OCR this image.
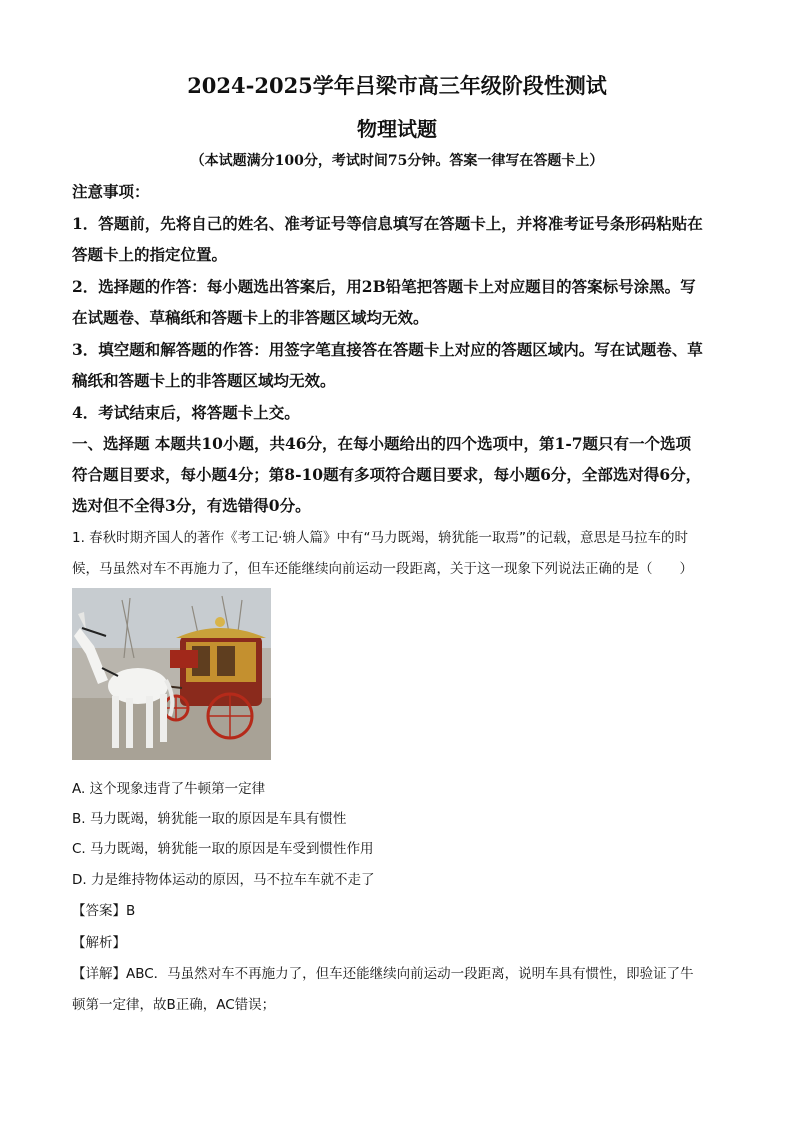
2024-2025学年吕梁市高三年级阶段性测试
物理试题
（本试题满分100分，考试时间75分钟。答案一律写在答题卡上）
注意事项：
1．答题前，先将自己的姓名、准考证号等信息填写在答题卡上，并将准考证号条形码粘贴在
答题卡上的指定位置。
2．选择题的作答：每小题选出答案后，用2B铅笔把答题卡上对应题目的答案标号涂黑。写
在试题卷、草稿纸和答题卡上的非答题区域均无效。
3．填空题和解答题的作答：用签字笔直接答在答题卡上对应的答题区域内。写在试题卷、草
稿纸和答题卡上的非答题区域均无效。
4．考试结束后，将答题卡上交。
一、选择题 本题共10小题，共46分，在每小题给出的四个选项中，第1-7题只有一个选项
符合题目要求，每小题4分；第8-10题有多项符合题目要求，每小题6分，全部选对得6分，
选对但不全得3分，有选错得0分。
1. 春秋时期齐国人的著作《考工记·辀人篇》中有“马力既竭，辀犹能一取焉”的记载，意思是马拉车的时
候，马虽然对车不再施力了，但车还能继续向前运动一段距离，关于这一现象下列说法正确的是（　　）
A. 这个现象违背了牛顿第一定律
B. 马力既竭，辀犹能一取的原因是车具有惯性
C. 马力既竭，辀犹能一取的原因是车受到惯性作用
D. 力是维持物体运动的原因，马不拉车车就不走了
【答案】B
【解析】
【详解】ABC．马虽然对车不再施力了，但车还能继续向前运动一段距离，说明车具有惯性，即验证了牛
顿第一定律，故B正确，AC错误；
